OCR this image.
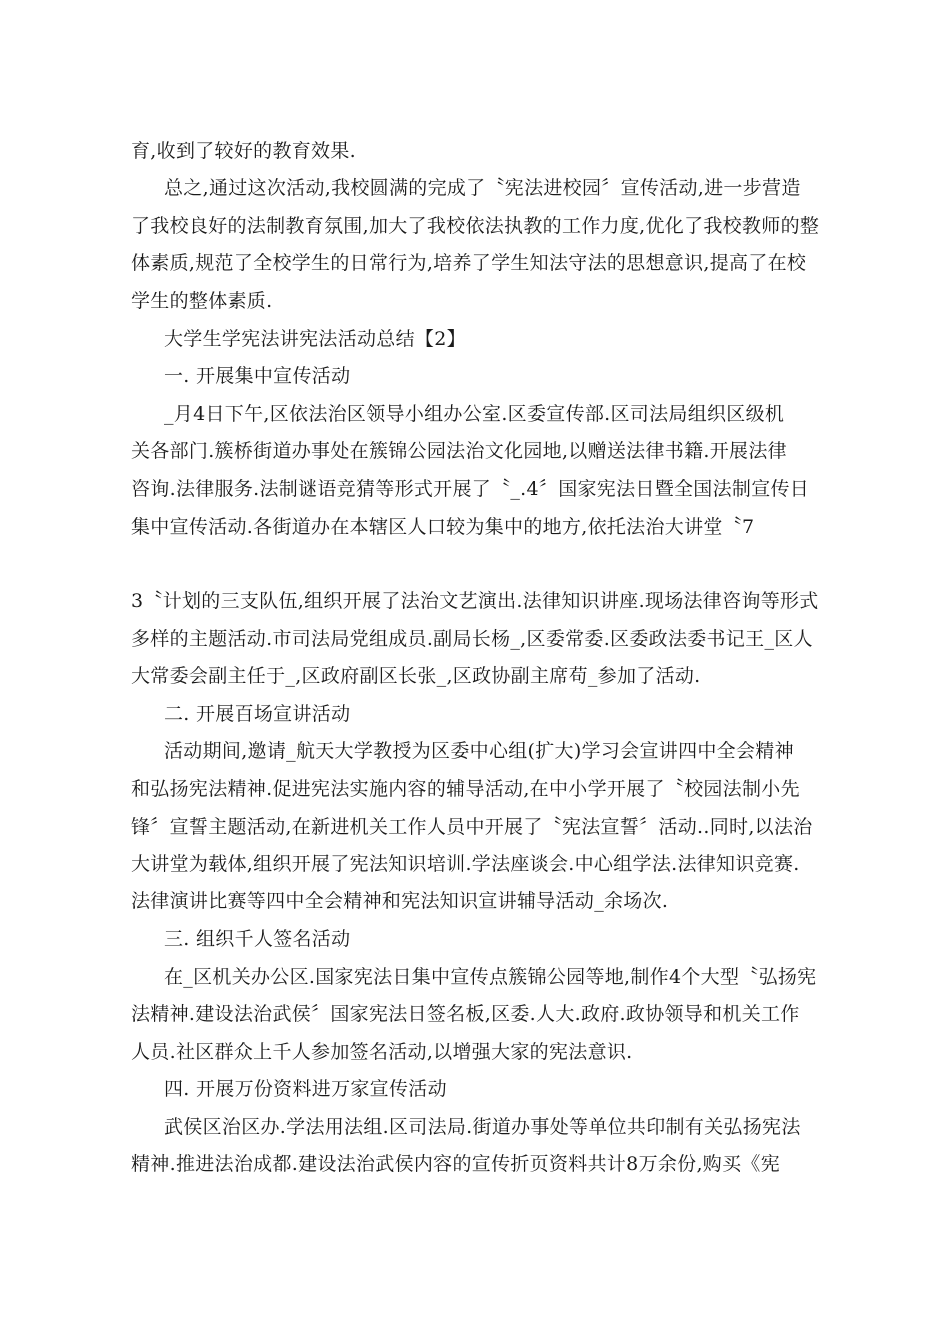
育,收到了较好的教育效果.
总之,通过这次活动,我校圆满的完成了〝宪法进校园〞宣传活动,进一步营造
了我校良好的法制教育氛围,加大了我校依法执教的工作力度,优化了我校教师的整
体素质,规范了全校学生的日常行为,培养了学生知法守法的思想意识,提高了在校
学生的整体素质.
大学生学宪法讲宪法活动总结【2】
一. 开展集中宣传活动
_月4日下午,区依法治区领导小组办公室.区委宣传部.区司法局组织区级机
关各部门.簇桥街道办事处在簇锦公园法治文化园地,以赠送法律书籍.开展法律
咨询.法律服务.法制谜语竞猜等形式开展了〝_.4〞国家宪法日暨全国法制宣传日
集中宣传活动.各街道办在本辖区人口较为集中的地方,依托法治大讲堂〝7
3〝计划的三支队伍,组织开展了法治文艺演出.法律知识讲座.现场法律咨询等形式
多样的主题活动.市司法局党组成员.副局长杨_,区委常委.区委政法委书记王_区人
大常委会副主任于_,区政府副区长张_,区政协副主席苟_参加了活动.
二. 开展百场宣讲活动
活动期间,邀请_航天大学教授为区委中心组(扩大)学习会宣讲四中全会精神
和弘扬宪法精神.促进宪法实施内容的辅导活动,在中小学开展了〝校园法制小先
锋〞宣誓主题活动,在新进机关工作人员中开展了〝宪法宣誓〞活动..同时,以法治
大讲堂为载体,组织开展了宪法知识培训.学法座谈会.中心组学法.法律知识竞赛.
法律演讲比赛等四中全会精神和宪法知识宣讲辅导活动_余场次.
三. 组织千人签名活动
在_区机关办公区.国家宪法日集中宣传点簇锦公园等地,制作4个大型〝弘扬宪
法精神.建设法治武侯〞国家宪法日签名板,区委.人大.政府.政协领导和机关工作
人员.社区群众上千人参加签名活动,以增强大家的宪法意识.
四. 开展万份资料进万家宣传活动
武侯区治区办.学法用法组.区司法局.街道办事处等单位共印制有关弘扬宪法
精神.推进法治成都.建设法治武侯内容的宣传折页资料共计8万余份,购买《宪
